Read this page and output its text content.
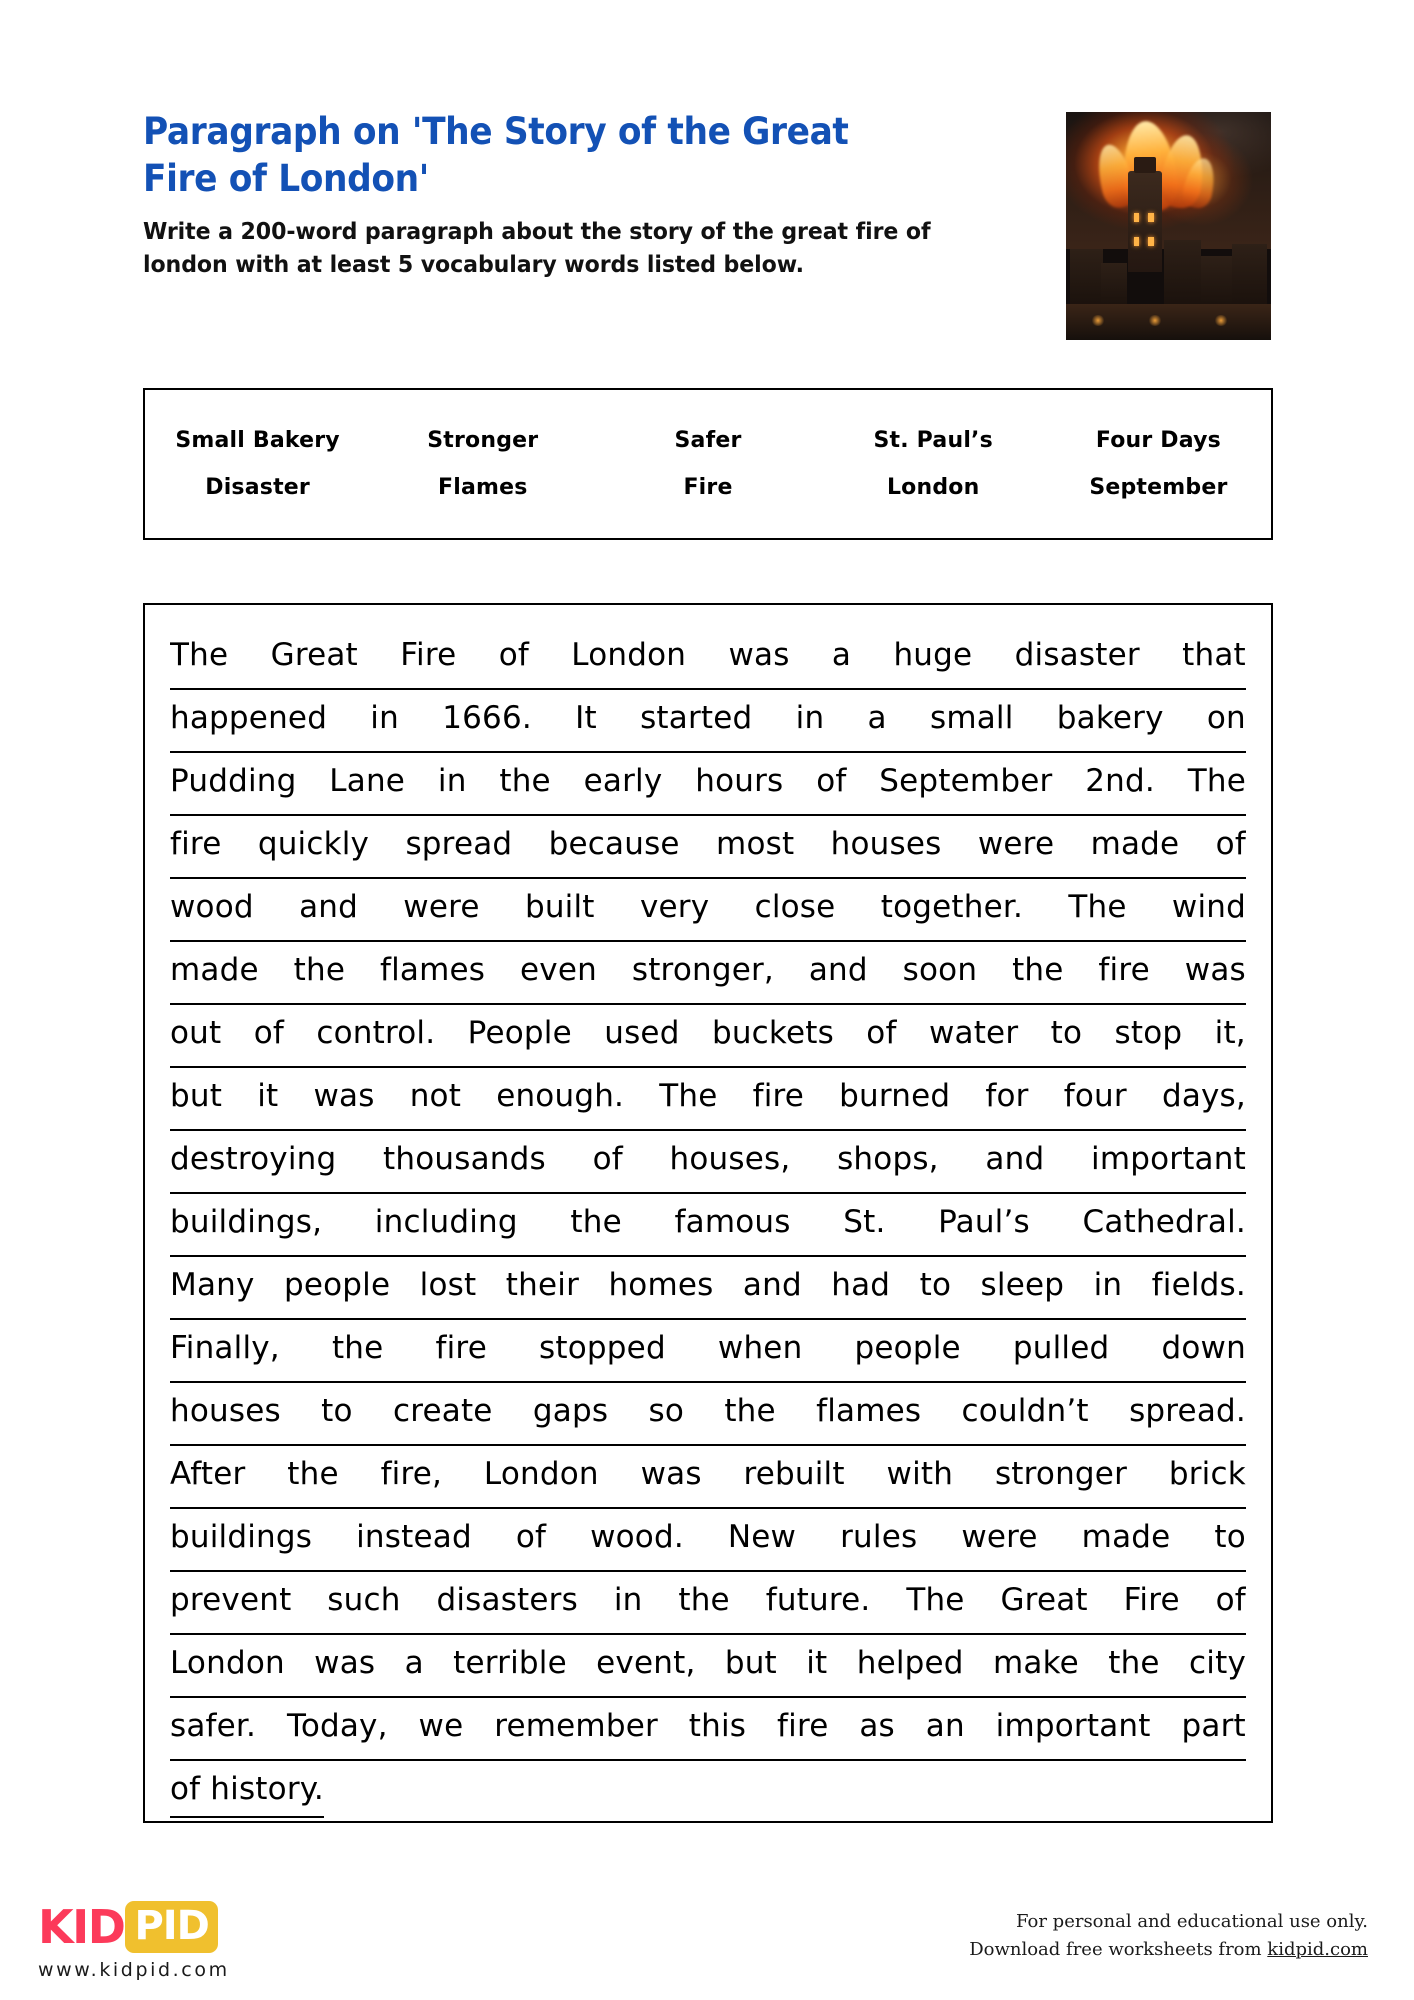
Paragraph on 'The Story of the Great Fire of London'
Write a 200-word paragraph about the story of the great fire of london with at least 5 vocabulary words listed below.
Small Bakery	Stronger	Safer	St. Paul’s	Four Days
Disaster	Flames	Fire	London	September
The Great Fire of London was a huge disaster that
happened in 1666. It started in a small bakery on
Pudding Lane in the early hours of September 2nd. The
fire quickly spread because most houses were made of
wood and were built very close together. The wind
made the flames even stronger, and soon the fire was
out of control. People used buckets of water to stop it,
but it was not enough. The fire burned for four days,
destroying thousands of houses, shops, and important
buildings, including the famous St. Paul’s Cathedral.
Many people lost their homes and had to sleep in fields.
Finally, the fire stopped when people pulled down
houses to create gaps so the flames couldn’t spread.
After the fire, London was rebuilt with stronger brick
buildings instead of wood. New rules were made to
prevent such disasters in the future. The Great Fire of
London was a terrible event, but it helped make the city
safer. Today, we remember this fire as an important part
of history.
KID PID
www.kidpid.com
For personal and educational use only.
Download free worksheets from kidpid.com
